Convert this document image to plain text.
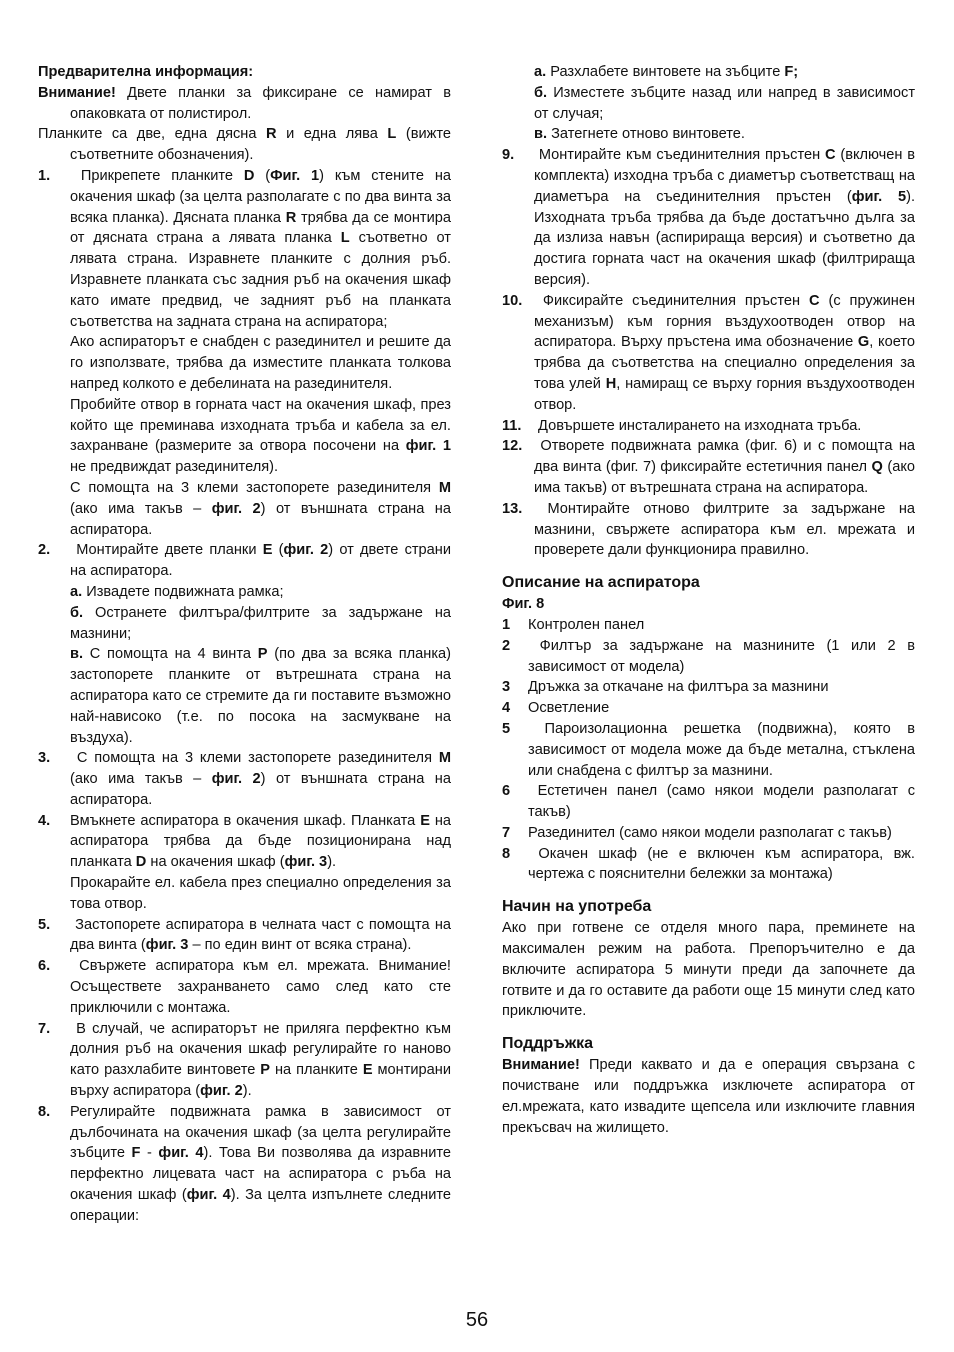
Предварителна информация:

Внимание! Двете планки за фиксиране се намират в опаковката от полистирол.

Планките са две, една дясна R и една лява L (вижте съответните обозначения).

1. Прикрепете планките D (Фиг. 1) към стените на окачения шкаф (за целта разполагате с по два винта за всяка планка). Дясната планка R трябва да се монтира от дясната страна а лявата планка L съответно от лявата страна. Изравнете планките с долния ръб. Изравнете планката със задния ръб на окачения шкаф като имате предвид, че задният ръб на планката съответства на задната страна на аспиратора;

Ако аспираторът е снабден с разединител и решите да го използвате, трябва да изместите планката толкова напред колкото е дебелината на разединителя.

Пробийте отвор в горната част на окачения шкаф, през който ще преминава изходната тръба и кабела за ел. захранване (размерите за отвора посочени на фиг. 1 не предвиждат разединителя).

С помощта на 3 клеми застопорете разединителя M (ако има такъв – фиг. 2) от външната страна на аспиратора.

2. Монтирайте двете планки E (фиг. 2) от двете страни на аспиратора.

а. Извадете подвижната рамка;

б. Остранете филтъра/филтрите за задържане на мазнини;

в. С помощта на 4 винта P (по два за всяка планка) застопорете планките от вътрешната страна на аспиратора като се стремите да ги поставите възможно най-нависоко (т.е. по посока на засмукване на въздуха).

3. С помощта на 3 клеми застопорете разединителя M (ако има такъв – фиг. 2) от външната страна на аспиратора.

4. Вмъкнете аспиратора в окачения шкаф. Планката E на аспиратора трябва да бъде позиционирана над планката D на окачения шкаф (фиг. 3).

Прокарайте ел. кабела през специално определения за това отвор.

5. Застопорете аспиратора в челната част с помощта на два винта (фиг. 3 – по един винт от всяка страна).

6. Свържете аспиратора към ел. мрежата. Внимание! Осъществете захранването само след като сте приключили с монтажа.

7. В случай, че аспираторът не приляга перфектно към долния ръб на окачения шкаф регулирайте го наново като разхлабите винтовете P на планките E монтирани върху аспиратора (фиг. 2).

8. Регулирайте подвижната рамка в зависимост от дълбочината на окачения шкаф (за целта регулирайте зъбците F - фиг. 4). Това Ви позволява да изравните перфектно лицевата част на аспиратора с ръба на окачения шкаф (фиг. 4). За целта изпълнете следните операции:

а. Разхлабете винтовете на зъбците F;

б. Изместете зъбците назад или напред в зависимост от случая;

в. Затегнете отново винтовете.

9. Монтирайте към съединителния пръстен C (включен в комплекта) изходна тръба с диаметър съответстващ на диаметъра на съединителния пръстен (фиг. 5). Изходната тръба трябва да бъде достатъчно дълга за да излиза навън (аспирираща версия) и съответно да достига горната част на окачения шкаф (филтрираща версия).

10. Фиксирайте съединителния пръстен C (с пружинен механизъм) към горния въздухоотводен отвор на аспиратора. Върху пръстена има обозначение G, което трябва да съответства на специално определения за това улей H, намиращ се върху горния въздухоотводен отвор.

11. Довършете инсталирането на изходната тръба.

12. Отворете подвижната рамка (фиг. 6) и с помощта на два винта (фиг. 7) фиксирайте естетичния панел Q (ако има такъв) от вътрешната страна на аспиратора.

13. Монтирайте отново филтрите за задържане на мазнини, свържете аспиратора към ел. мрежата и проверете дали функционира правилно.

Описание на аспиратора

Фиг. 8

1 Контролен панел

2 Филтър за задържане на мазнините (1 или 2 в зависимост от модела)

3 Дръжка за откачане на филтъра за мазнини

4 Осветление

5 Пароизолационна решетка (подвижна), която в зависимост от модела може да бъде метална, стъклена или снабдена с филтър за мазнини.

6 Естетичен панел (само някои модели разполагат с такъв)

7 Разединител (само някои модели разполагат с такъв)

8 Окачен шкаф (не е включен към аспиратора, вж. чертежа с пояснителни бележки за монтажа)

Начин на употреба

Ако при готвене се отделя много пара, преминете на максимален режим на работа. Препоръчително е да включите аспиратора 5 минути преди да започнете да готвите и да го оставите да работи още 15 минути след като приключите.

Поддръжка

Внимание! Преди каквато и да е операция свързана с почистване или поддръжка изключете аспиратора от ел.мрежата, като извадите щепсела или изключите главния прекъсвач на жилището.

56
